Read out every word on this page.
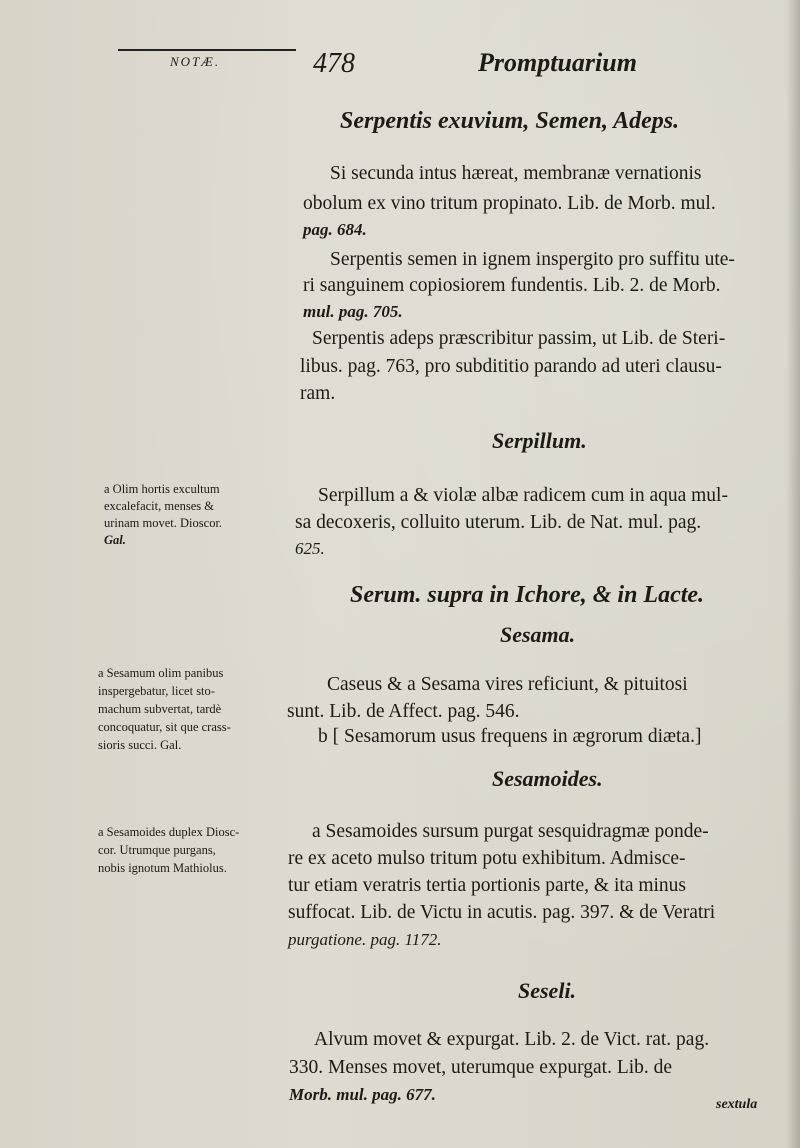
NOTÆ.	478	Promptuarium
Serpentis exuvium, Semen, Adeps.
Si secunda intus hæreat, membranæ vernationis
obolum ex vino tritum propinato. Lib. de Morb. mul.
pag. 684.
Serpentis semen in ignem inspergito pro suffitu ute-
ri sanguinem copiosiorem fundentis. Lib. 2. de Morb.
mul. pag. 705.
Serpentis adeps præscribitur passim, ut Lib. de Steri-
libus. pag. 763, pro subdititio parando ad uteri clausu-
ram.
Serpillum.
a Olim hortis excultum
excalefacit, menses &
urinam movet. Dioscor.
Gal.
Serpillum a & violæ albæ radicem cum in aqua mul-
sa decoxeris, colluito uterum. Lib. de Nat. mul. pag.
625.
Serum. supra in Ichore, & in Lacte.
Sesama.
a Sesamum olim panibus
inspergebatur, licet sto-
machum subvertat, tardè
concoquatur, sit que crass-
sioris succi. Gal.
Caseus & a Sesama vires reficiunt, & pituitosi
sunt. Lib. de Affect. pag. 546.
b [ Sesamorum usus frequens in ægrorum diæta.]
Sesamoides.
a Sesamoides duplex Diosc-
cor. Utrumque purgans,
nobis ignotum Mathiolus.
a Sesamoides sursum purgat sesquidragmæ ponde-
re ex aceto mulso tritum potu exhibitum. Admisce-
tur etiam veratris tertia portionis parte, & ita minus
suffocat. Lib. de Victu in acutis. pag. 397. & de Veratri
purgatione. pag. 1172.
Seseli.
Alvum movet & expurgat. Lib. 2. de Vict. rat. pag.
330. Menses movet, uterumque expurgat. Lib. de
Morb. mul. pag. 677.
sextula
